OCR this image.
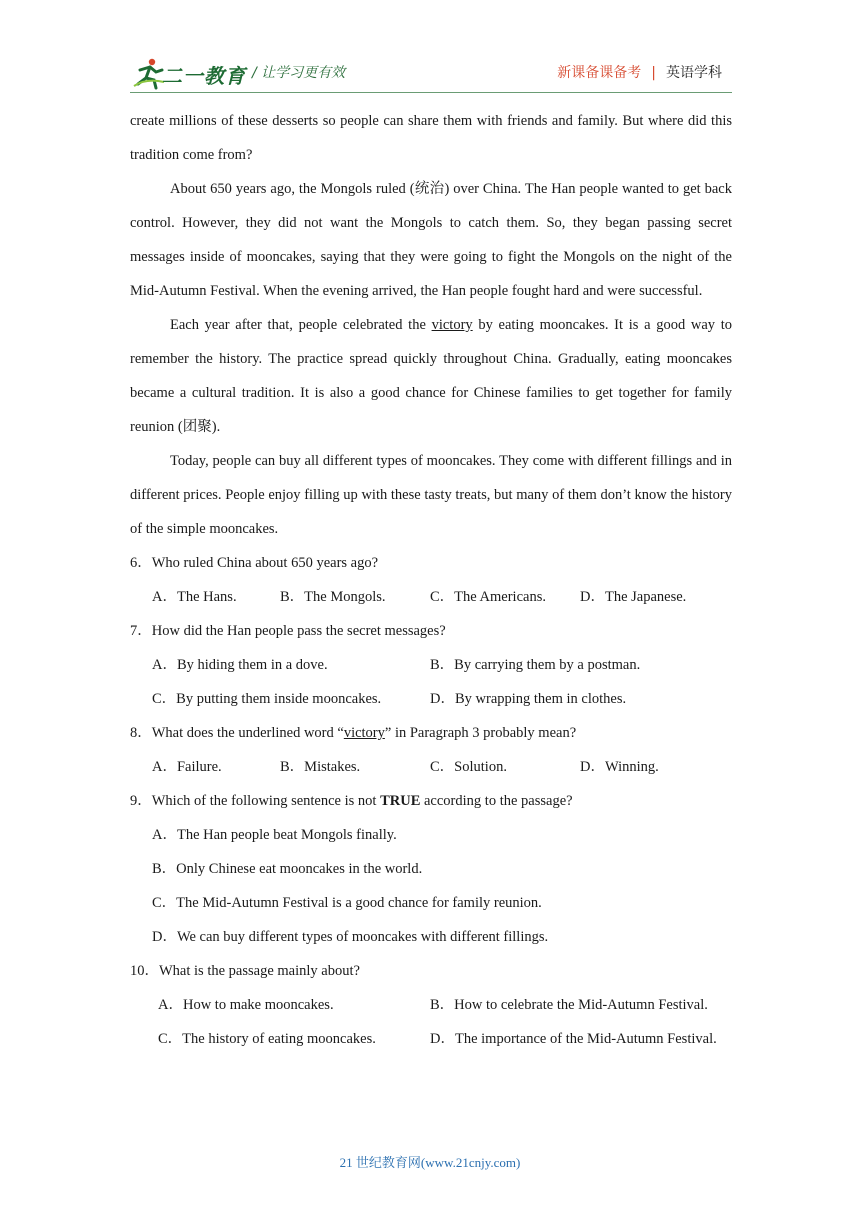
二一教育 / 让学习更有效	新课备课备考 | 英语学科

create millions of these desserts so people can share them with friends and family. But where did this tradition come from?

About 650 years ago, the Mongols ruled (统治) over China. The Han people wanted to get back control. However, they did not want the Mongols to catch them. So, they began passing secret messages inside of mooncakes, saying that they were going to fight the Mongols on the night of the Mid-Autumn Festival. When the evening arrived, the Han people fought hard and were successful.

Each year after that, people celebrated the victory by eating mooncakes. It is a good way to remember the history. The practice spread quickly throughout China. Gradually, eating mooncakes became a cultural tradition. It is also a good chance for Chinese families to get together for family reunion (团聚).

Today, people can buy all different types of mooncakes. They come with different fillings and in different prices. People enjoy filling up with these tasty treats, but many of them don’t know the history of the simple mooncakes.

6．Who ruled China about 650 years ago?
A．The Hans.	B．The Mongols.	C．The Americans.	D．The Japanese.
7．How did the Han people pass the secret messages?
A．By hiding them in a dove.	B．By carrying them by a postman.
C．By putting them inside mooncakes.	D．By wrapping them in clothes.
8．What does the underlined word “victory” in Paragraph 3 probably mean?
A．Failure.	B．Mistakes.	C．Solution.	D．Winning.
9．Which of the following sentence is not TRUE according to the passage?
A．The Han people beat Mongols finally.
B．Only Chinese eat mooncakes in the world.
C．The Mid-Autumn Festival is a good chance for family reunion.
D．We can buy different types of mooncakes with different fillings.
10．What is the passage mainly about?
A．How to make mooncakes.	B．How to celebrate the Mid-Autumn Festival.
C．The history of eating mooncakes.	D．The importance of the Mid-Autumn Festival.
21 世纪教育网(www.21cnjy.com)
